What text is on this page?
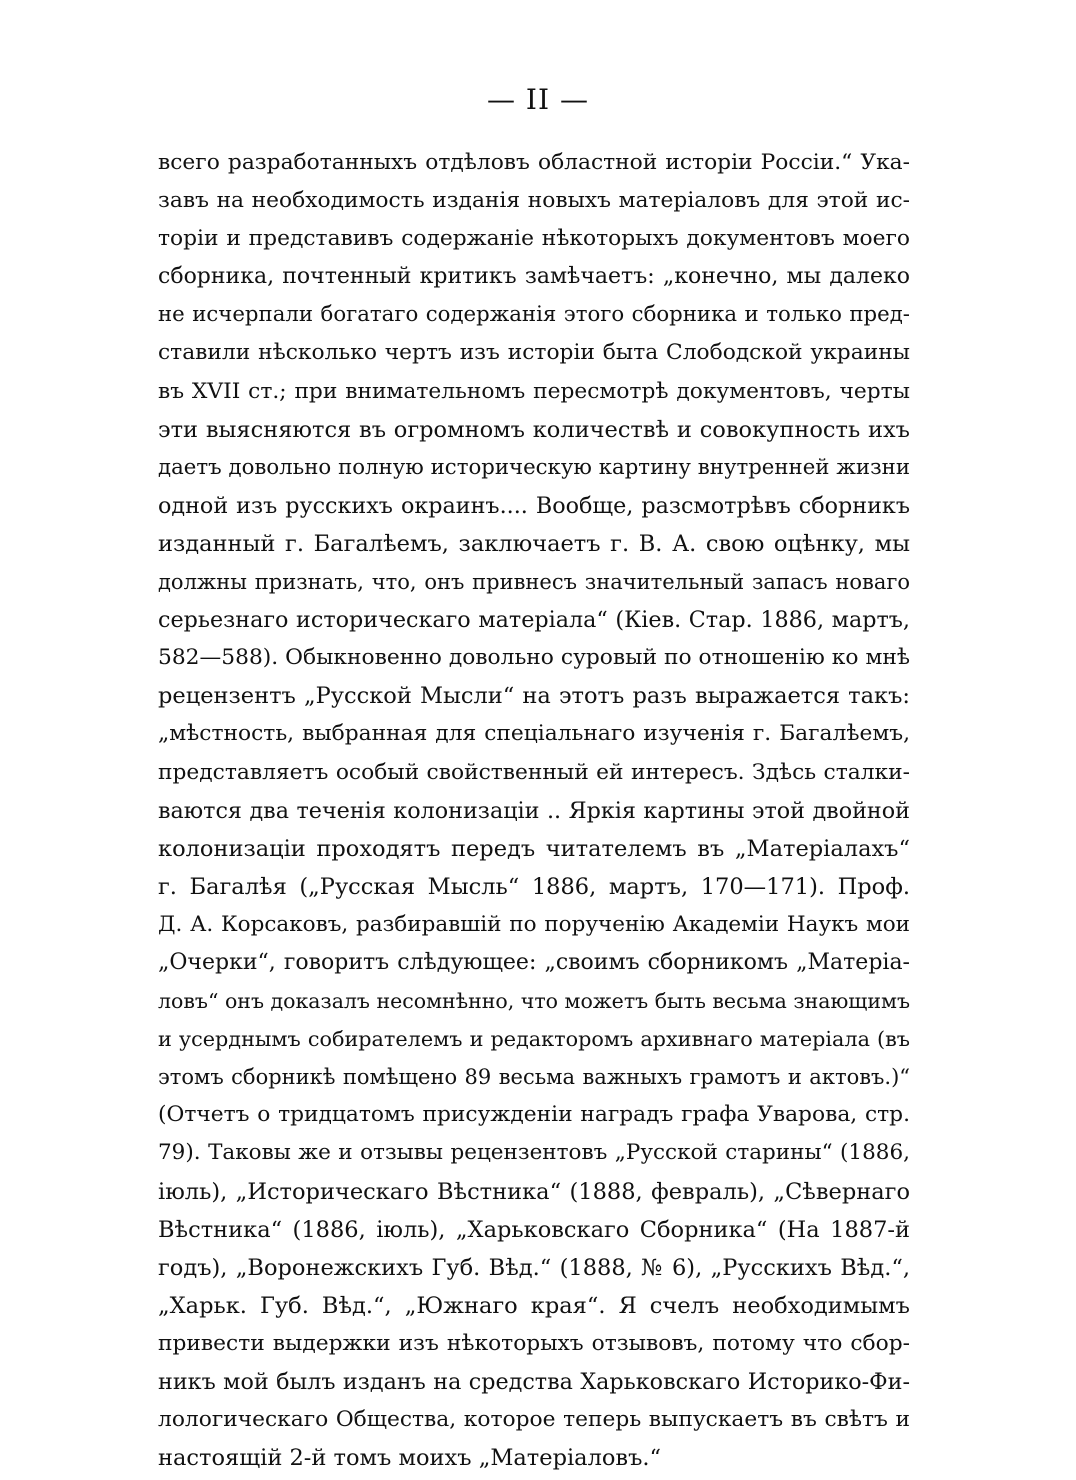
— II —
всего разработанныхъ отдѣловъ областной исторіи Россіи.“ Ука-
завъ на необходимость изданія новыхъ матеріаловъ для этой ис-
торіи и представивъ содержаніе нѣкоторыхъ документовъ моего
сборника, почтенный критикъ замѣчаетъ: „конечно, мы далеко
не исчерпали богатаго содержанія этого сборника и только пред-
ставили нѣсколько чертъ изъ исторіи быта Слободской украины
въ XVII ст.; при внимательномъ пересмотрѣ документовъ, черты
эти выясняются въ огромномъ количествѣ и совокупность ихъ
даетъ довольно полную историческую картину внутренней жизни
одной изъ русскихъ окраинъ.... Вообще, разсмотрѣвъ сборникъ
изданный г. Багалѣемъ, заключаетъ г. В. А. свою оцѣнку, мы
должны признать, что, онъ привнесъ значительный запасъ новаго
серьезнаго историческаго матеріала“ (Кіев. Стар. 1886, мартъ,
582—588). Обыкновенно довольно суровый по отношенію ко мнѣ
рецензентъ „Русской Мысли“ на этотъ разъ выражается такъ:
„мѣстность, выбранная для спеціальнаго изученія г. Багалѣемъ,
представляетъ особый свойственный ей интересъ. Здѣсь сталки-
ваются два теченія колонизаціи .. Яркія картины этой двойной
колонизаціи проходятъ передъ читателемъ въ „Матеріалахъ“
г. Багалѣя („Русская Мысль“ 1886, мартъ, 170—171). Проф.
Д. А. Корсаковъ, разбиравшій по порученію Академіи Наукъ мои
„Очерки“, говоритъ слѣдующее: „своимъ сборникомъ „Матеріа-
ловъ“ онъ доказалъ несомнѣнно, что можетъ быть весьма знающимъ
и усерднымъ собирателемъ и редакторомъ архивнаго матеріала (въ
этомъ сборникѣ помѣщено 89 весьма важныхъ грамотъ и актовъ.)“
(Отчетъ о тридцатомъ присужденіи наградъ графа Уварова, стр.
79). Таковы же и отзывы рецензентовъ „Русской старины“ (1886,
іюль), „Историческаго Вѣстника“ (1888, февраль), „Сѣвернаго
Вѣстника“ (1886, іюль), „Харьковскаго Сборника“ (На 1887-й
годъ), „Воронежскихъ Губ. Вѣд.“ (1888, № 6), „Русскихъ Вѣд.“,
„Харьк. Губ. Вѣд.“, „Южнаго края“. Я счелъ необходимымъ
привести выдержки изъ нѣкоторыхъ отзывовъ, потому что сбор-
никъ мой былъ изданъ на средства Харьковскаго Историко-Фи-
лологическаго Общества, которое теперь выпускаетъ въ свѣтъ и
настоящій 2-й томъ моихъ „Матеріаловъ.“
